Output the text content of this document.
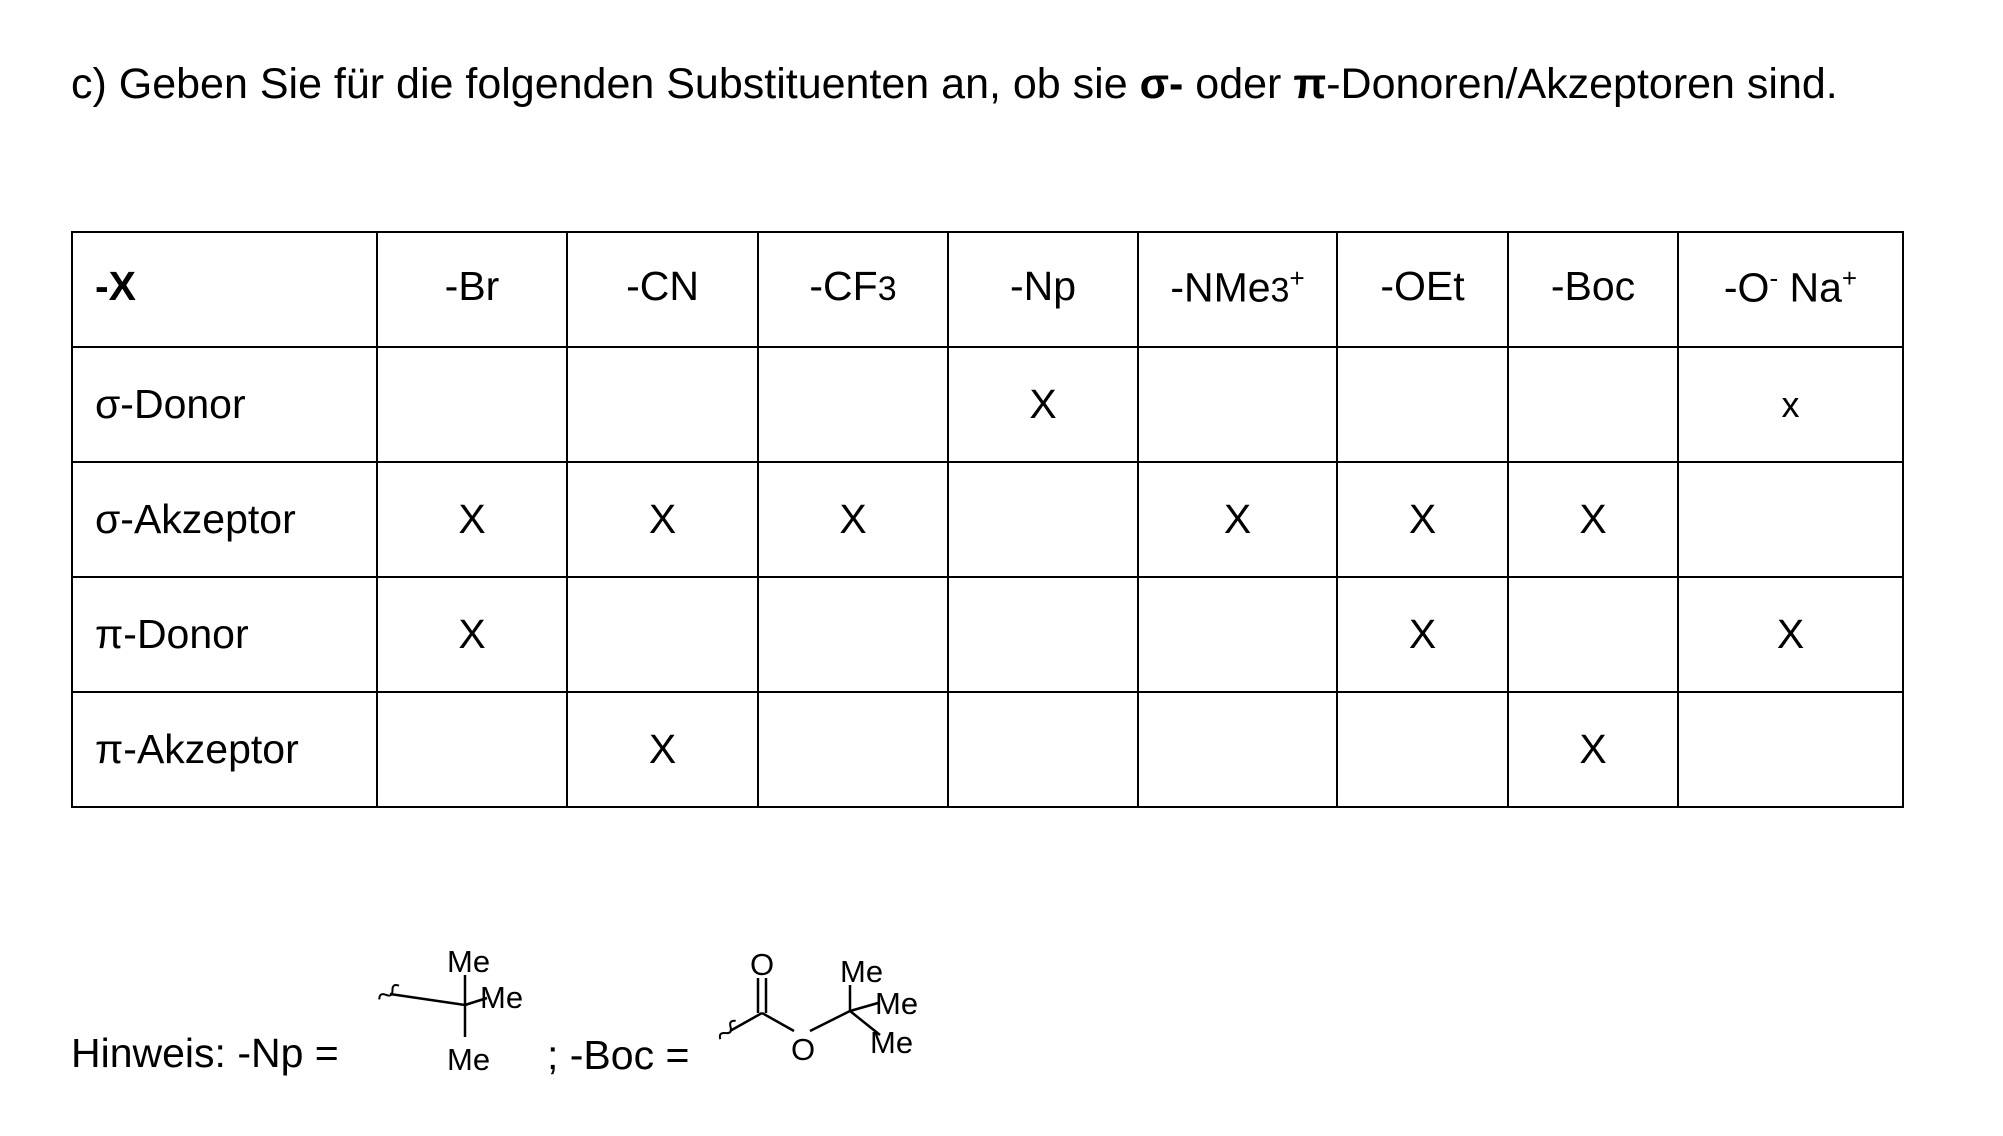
c) Geben Sie für die folgenden Substituenten an, ob sie σ- oder π-Donoren/Akzeptoren sind.
-X	-Br	-CN	-CF3	-Np	-NMe3+	-OEt	-Boc	-O- Na+
σ-Donor				X				x
σ-Akzeptor	X	X	X		X	X	X	
π-Donor	X					X		X
π-Akzeptor		X					X	
Hinweis: -Np =
Me
Me
Me ; -Boc =
O
O
Me
Me
Me
